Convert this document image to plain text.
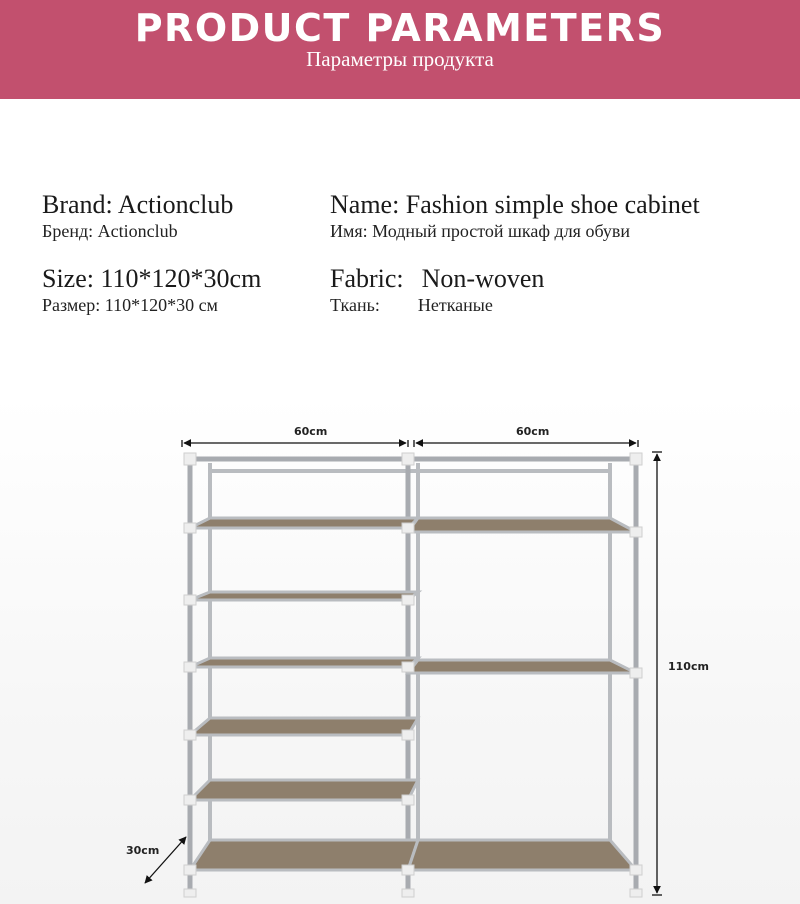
PRODUCT PARAMETERS
Параметры продукта
Brand: Actionclub
Бренд: Actionclub
Name: Fashion simple shoe cabinet
Имя: Модный простой шкаф для обуви
Size: 110*120*30cm
Размер: 110*120*30 см
Fabric: Non-woven
Ткань: Нетканые
60cm	60cm
110cm
30cm
